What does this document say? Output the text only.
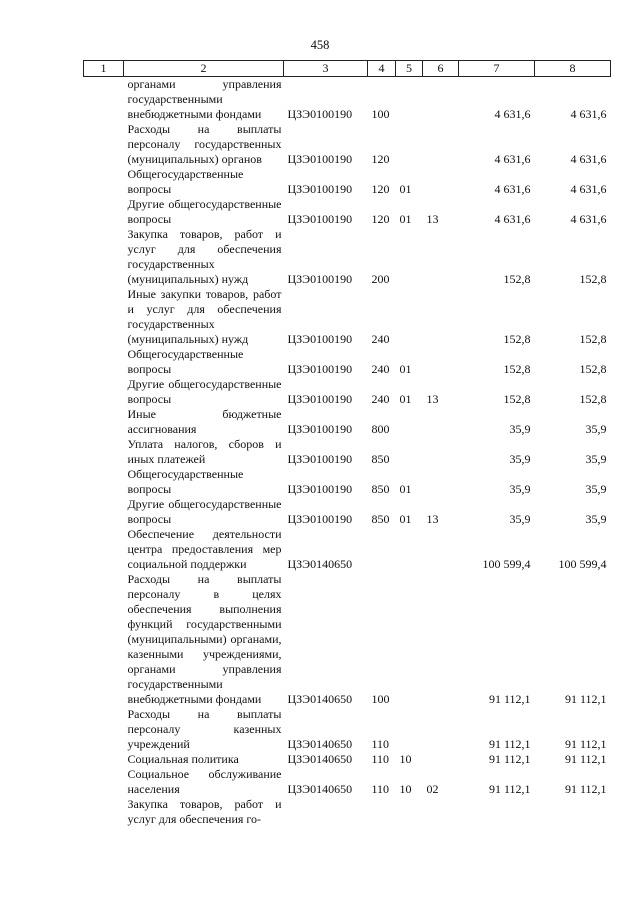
458
1	2	3	4	5	6	7	8
	органами управления государственными внебюджетными фондами	ЦЗЭ0100190	100			4 631,6	4 631,6
	Расходы на выплаты персоналу государственных (муниципальных) органов	ЦЗЭ0100190	120			4 631,6	4 631,6
	Общегосударственные вопросы	ЦЗЭ0100190	120	01		4 631,6	4 631,6
	Другие общегосударственные вопросы	ЦЗЭ0100190	120	01	13	4 631,6	4 631,6
	Закупка товаров, работ и услуг для обеспечения государственных (муниципальных) нужд	ЦЗЭ0100190	200			152,8	152,8
	Иные закупки товаров, работ и услуг для обеспечения государственных (муниципальных) нужд	ЦЗЭ0100190	240			152,8	152,8
	Общегосударственные вопросы	ЦЗЭ0100190	240	01		152,8	152,8
	Другие общегосударственные вопросы	ЦЗЭ0100190	240	01	13	152,8	152,8
	Иные бюджетные ассигнования	ЦЗЭ0100190	800			35,9	35,9
	Уплата налогов, сборов и иных платежей	ЦЗЭ0100190	850			35,9	35,9
	Общегосударственные вопросы	ЦЗЭ0100190	850	01		35,9	35,9
	Другие общегосударственные вопросы	ЦЗЭ0100190	850	01	13	35,9	35,9
	Обеспечение деятельности центра предоставления мер социальной поддержки	ЦЗЭ0140650				100 599,4	100 599,4
	Расходы на выплаты персоналу в целях обеспечения выполнения функций государственными (муниципальными) органами, казенными учреждениями, органами управления государственными внебюджетными фондами	ЦЗЭ0140650	100			91 112,1	91 112,1
	Расходы на выплаты персоналу казенных учреждений	ЦЗЭ0140650	110			91 112,1	91 112,1
	Социальная политика	ЦЗЭ0140650	110	10		91 112,1	91 112,1
	Социальное обслуживание населения	ЦЗЭ0140650	110	10	02	91 112,1	91 112,1
	Закупка товаров, работ и услуг для обеспечения го-						
